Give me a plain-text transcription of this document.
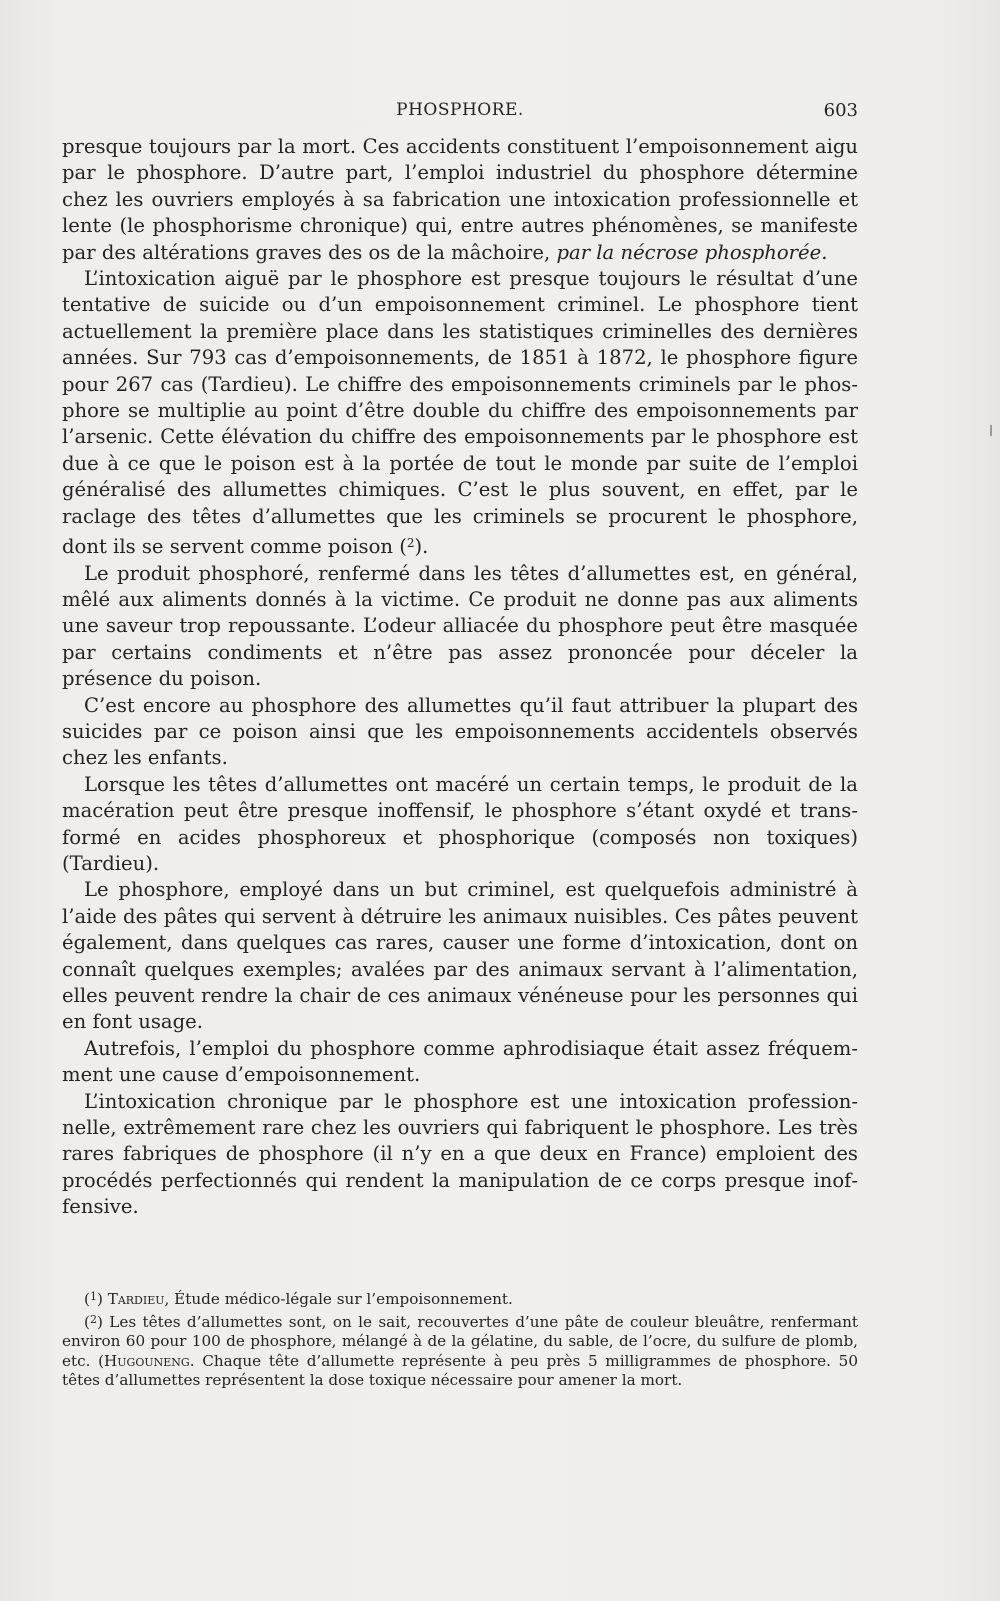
PHOSPHORE.	603

presque toujours par la mort. Ces accidents constituent l’empoisonnement aigu par le phosphore. D’autre part, l’emploi industriel du phosphore détermine chez les ouvriers employés à sa fabrication une intoxication professionnelle et lente (le phosphorisme chronique) qui, entre autres phénomènes, se manifeste par des altérations graves des os de la mâchoire, par la nécrose phosphorée.

L’intoxication aiguë par le phosphore est presque toujours le résultat d’une tentative de suicide ou d’un empoisonnement criminel. Le phosphore tient actuellement la première place dans les statistiques criminelles des dernières années. Sur 793 cas d’empoisonnements, de 1851 à 1872, le phosphore figure pour 267 cas (Tardieu). Le chiffre des empoisonnements criminels par le phosphore se multiplie au point d’être double du chiffre des empoisonnements par l’arsenic. Cette élévation du chiffre des empoisonnements par le phosphore est due à ce que le poison est à la portée de tout le monde par suite de l’emploi généralisé des allumettes chimiques. C’est le plus souvent, en effet, par le raclage des têtes d’allumettes que les criminels se procurent le phosphore, dont ils se servent comme poison ($^2$).

Le produit phosphoré, renfermé dans les têtes d’allumettes est, en général, mêlé aux aliments donnés à la victime. Ce produit ne donne pas aux aliments une saveur trop repoussante. L’odeur alliacée du phosphore peut être masquée par certains condiments et n’être pas assez prononcée pour déceler la présence du poison.

C’est encore au phosphore des allumettes qu’il faut attribuer la plupart des suicides par ce poison ainsi que les empoisonnements accidentels observés chez les enfants.

Lorsque les têtes d’allumettes ont macéré un certain temps, le produit de la macération peut être presque inoffensif, le phosphore s’étant oxydé et transformé en acides phosphoreux et phosphorique (composés non toxiques) (Tardieu).

Le phosphore, employé dans un but criminel, est quelquefois administré à l’aide des pâtes qui servent à détruire les animaux nuisibles. Ces pâtes peuvent également, dans quelques cas rares, causer une forme d’intoxication, dont on connaît quelques exemples; avalées par des animaux servant à l’alimentation, elles peuvent rendre la chair de ces animaux vénéneuse pour les personnes qui en font usage.

Autrefois, l’emploi du phosphore comme aphrodisiaque était assez fréquemment une cause d’empoisonnement.

L’intoxication chronique par le phosphore est une intoxication professionnelle, extrêmement rare chez les ouvriers qui fabriquent le phosphore. Les très rares fabriques de phosphore (il n’y en a que deux en France) emploient des procédés perfectionnés qui rendent la manipulation de ce corps presque inoffensive.

($^1$) Tardieu, Étude médico-légale sur l’empoisonnement.

($^2$) Les têtes d’allumettes sont, on le sait, recouvertes d’une pâte de couleur bleuâtre, renfermant environ 60 pour 100 de phosphore, mélangé à de la gélatine, du sable, de l’ocre, du sulfure de plomb, etc. (Hugouneng. Chaque tête d’allumette représente à peu près 5 milligrammes de phosphore. 50 têtes d’allumettes représentent la dose toxique nécessaire pour amener la mort.
